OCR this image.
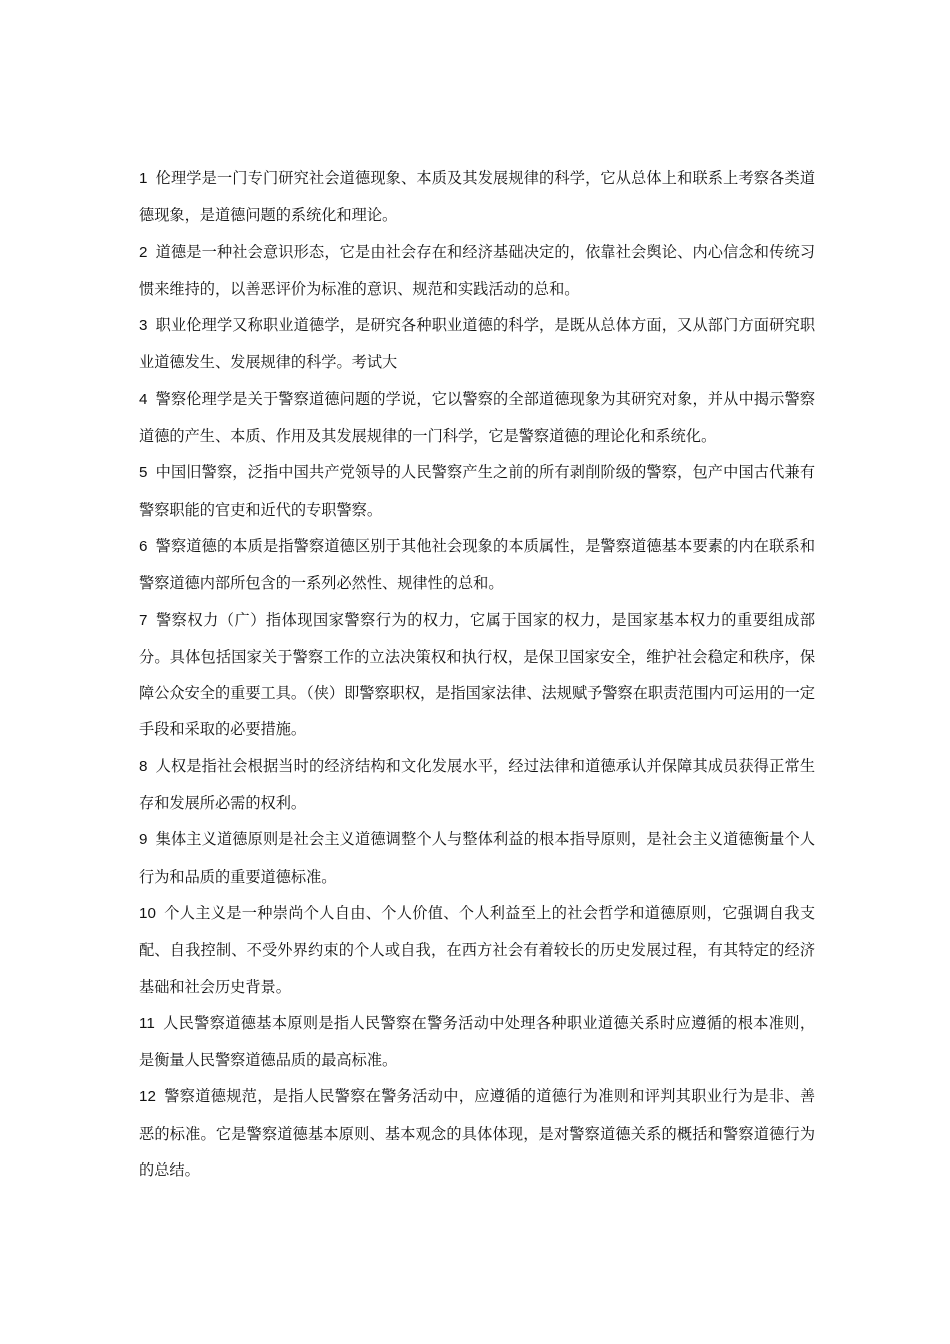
1 伦理学是一门专门研究社会道德现象、本质及其发展规律的科学，它从总体上和联系上考察各类道德现象，是道德问题的系统化和理论。

2 道德是一种社会意识形态，它是由社会存在和经济基础决定的，依靠社会舆论、内心信念和传统习惯来维持的，以善恶评价为标准的意识、规范和实践活动的总和。

3 职业伦理学又称职业道德学，是研究各种职业道德的科学，是既从总体方面，又从部门方面研究职业道德发生、发展规律的科学。考试大

4 警察伦理学是关于警察道德问题的学说，它以警察的全部道德现象为其研究对象，并从中揭示警察道德的产生、本质、作用及其发展规律的一门科学，它是警察道德的理论化和系统化。

5 中国旧警察，泛指中国共产党领导的人民警察产生之前的所有剥削阶级的警察，包产中国古代兼有警察职能的官吏和近代的专职警察。

6 警察道德的本质是指警察道德区别于其他社会现象的本质属性，是警察道德基本要素的内在联系和警察道德内部所包含的一系列必然性、规律性的总和。

7 警察权力（广）指体现国家警察行为的权力，它属于国家的权力，是国家基本权力的重要组成部分。具体包括国家关于警察工作的立法决策权和执行权，是保卫国家安全，维护社会稳定和秩序，保障公众安全的重要工具。（侠）即警察职权，是指国家法律、法规赋予警察在职责范围内可运用的一定手段和采取的必要措施。

8 人权是指社会根据当时的经济结构和文化发展水平，经过法律和道德承认并保障其成员获得正常生存和发展所必需的权利。

9 集体主义道德原则是社会主义道德调整个人与整体利益的根本指导原则，是社会主义道德衡量个人行为和品质的重要道德标准。

10 个人主义是一种崇尚个人自由、个人价值、个人利益至上的社会哲学和道德原则，它强调自我支配、自我控制、不受外界约束的个人或自我，在西方社会有着较长的历史发展过程，有其特定的经济基础和社会历史背景。

11 人民警察道德基本原则是指人民警察在警务活动中处理各种职业道德关系时应遵循的根本准则，是衡量人民警察道德品质的最高标准。

12 警察道德规范，是指人民警察在警务活动中，应遵循的道德行为准则和评判其职业行为是非、善恶的标准。它是警察道德基本原则、基本观念的具体体现，是对警察道德关系的概括和警察道德行为的总结。
